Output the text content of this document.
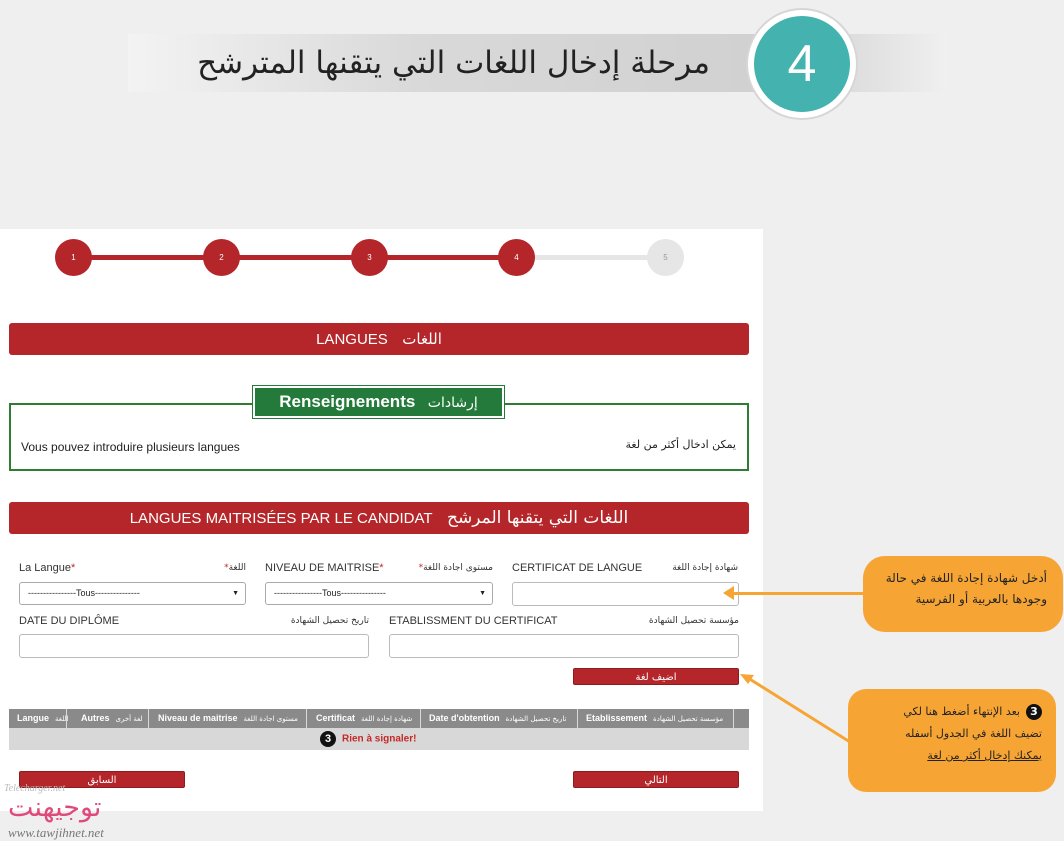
مرحلة إدخال اللغات التي يتقنها المترشح	4
1	2	3	4	5
LANGUES اللغات
Renseignements إرشادات
Vous pouvez introduire plusieurs langues	يمكن ادخال أكثر من لغة
LANGUES MAITRISÉES PAR LE CANDIDAT اللغات التي يتقنها المرشح
La Langue*	اللغة*
----------------Tous---------------	▼
NIVEAU DE MAITRISE*	مستوى اجادة اللغة*
----------------Tous---------------	▼
CERTIFICAT DE LANGUE	شهادة إجادة اللغة
DATE DU DIPLÔME	تاريخ تحصيل الشهادة ETABLISSMENT DU CERTIFICAT	مؤسسة تحصيل الشهادة
اضيف لغة
Langue اللغة	Autres لغة أخرى	Niveau de maitrise مستوى اجادة اللغة	Certificat شهادة إجادة اللغة	Date d'obtention تاريخ تحصيل الشهادة	Etablissement مؤسسة تحصيل الشهادة
3 Rien à signaler!
السابق	التالي
أدخل شهادة إجادة اللغة في حالة وجودها بالعربية أو الفرسية
3بعد الإنتهاء أضغط هنا لكي
تضيف اللغة في الجدول أسفله
يمكنك إدخال أكثر من لغة
Telecharger.net
توجيهنت
www.tawjihnet.net
